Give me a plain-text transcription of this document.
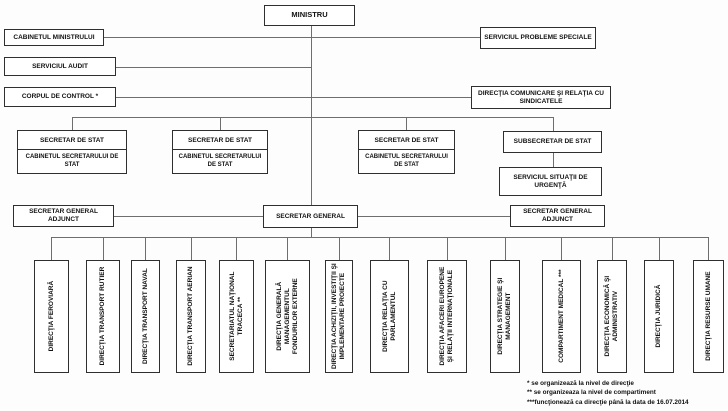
MINISTRU
CABINETUL MINISTRULUI
SERVICIUL AUDIT
CORPUL DE CONTROL *
SERVICIUL PROBLEME SPECIALE
DIRECŢIA COMUNICARE ŞI RELAŢIA CU SINDICATELE
SECRETAR DE STAT
CABINETUL SECRETARULUI DE STAT
SECRETAR DE STAT
CABINETUL SECRETARULUI DE STAT
SECRETAR DE STAT
CABINETUL SECRETARULUI DE STAT
SUBSECRETAR DE STAT
SERVICIUL SITUAŢII DE URGENŢĂ
SECRETAR GENERAL ADJUNCT	SECRETAR GENERAL
SECRETAR GENERAL ADJUNCT
DIRECŢIA FEROVIARĂ	DIRECŢIA TRANSPORT RUTIER	DIRECŢIA TRANSPORT NAVAL	DIRECŢIA TRANSPORT AERIAN	SECRETARIATUL NAŢIONAL TRACECA **	DIRECŢIA GENERALĂ MANAGEMENTUL FONDURILOR EXTERNE	DIRECŢIA ACHIZIŢII, INVESTIŢII ŞI IMPLEMENTARE PROIECTE	DIRECŢIA RELAŢIA CU PARLAMENTUL	DIRECŢIA AFACERI EUROPENE ŞI RELAŢII INTERNAŢIONALE	DIRECŢIA STRATEGIE ŞI MANAGEMENT	COMPARTIMENT MEDICAL ***	DIRECŢIA ECONOMICĂ ŞI ADMINISTRATIV	DIRECŢIA JURIDICĂ	DIRECŢIA RESURSE UMANE
* se organizează la nivel de direcţie
** se organizeaza la nivel de compartiment
***funcţionează ca direcţie până la data de 16.07.2014
